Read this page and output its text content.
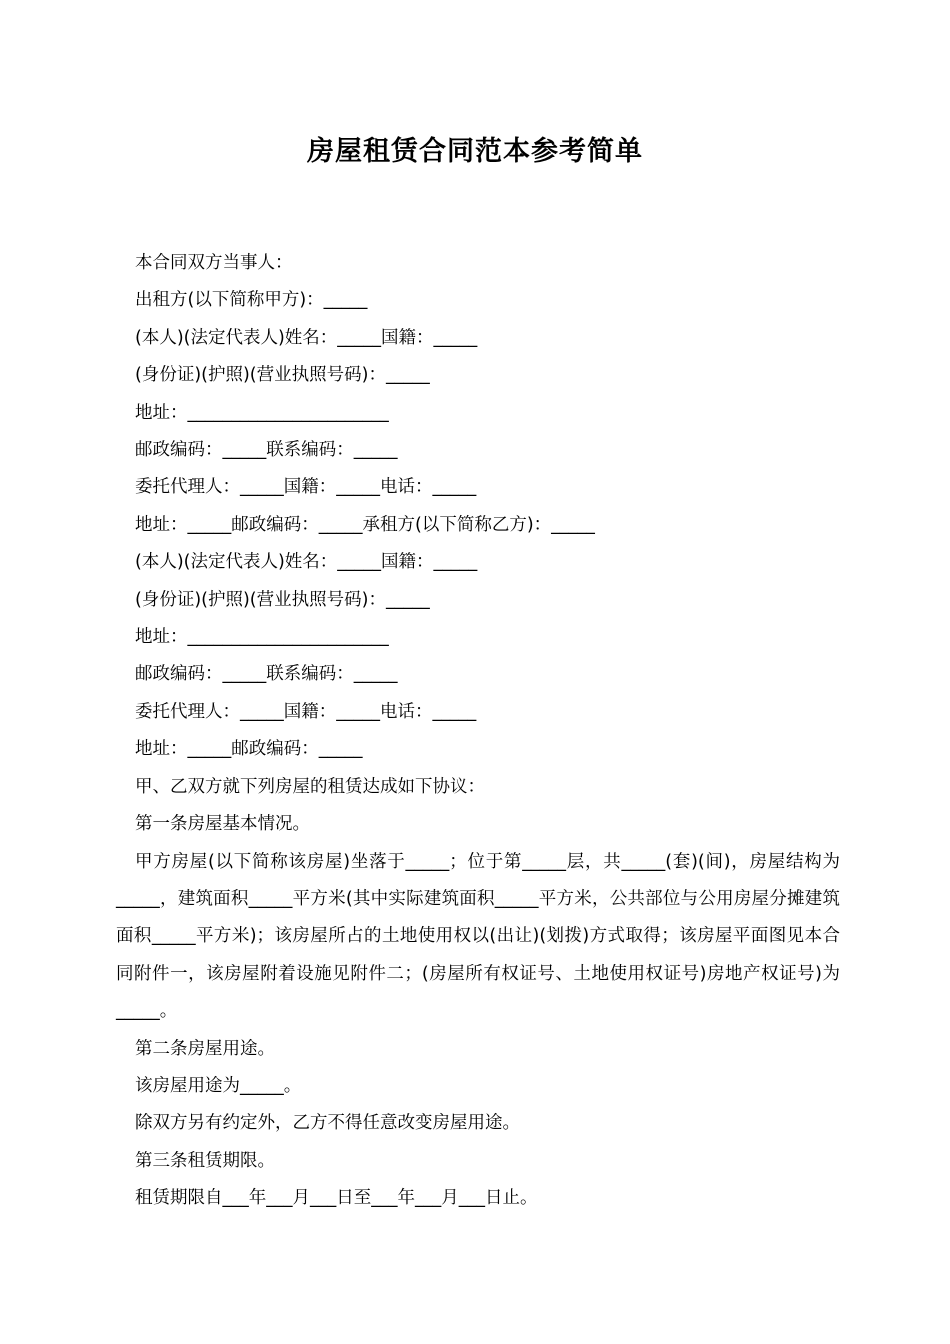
房屋租赁合同范本参考简单
本合同双方当事人：
出租方(以下简称甲方)：_____
(本人)(法定代表人)姓名：_____国籍：_____
(身份证)(护照)(营业执照号码)：_____
地址：_______________________
邮政编码：_____联系编码：_____
委托代理人：_____国籍：_____电话：_____
地址：_____邮政编码：_____承租方(以下简称乙方)：_____
(本人)(法定代表人)姓名：_____国籍：_____
(身份证)(护照)(营业执照号码)：_____
地址：_______________________
邮政编码：_____联系编码：_____
委托代理人：_____国籍：_____电话：_____
地址：_____邮政编码：_____
甲、乙双方就下列房屋的租赁达成如下协议：
第一条房屋基本情况。
甲方房屋(以下简称该房屋)坐落于_____；位于第_____层，共_____(套)(间)，房屋结构为_____，建筑面积_____平方米(其中实际建筑面积_____平方米，公共部位与公用房屋分摊建筑面积_____平方米)；该房屋所占的土地使用权以(出让)(划拨)方式取得；该房屋平面图见本合同附件一，该房屋附着设施见附件二；(房屋所有权证号、土地使用权证号)房地产权证号)为_____。
第二条房屋用途。
该房屋用途为_____。
除双方另有约定外，乙方不得任意改变房屋用途。
第三条租赁期限。
租赁期限自___年___月___日至___年___月___日止。
